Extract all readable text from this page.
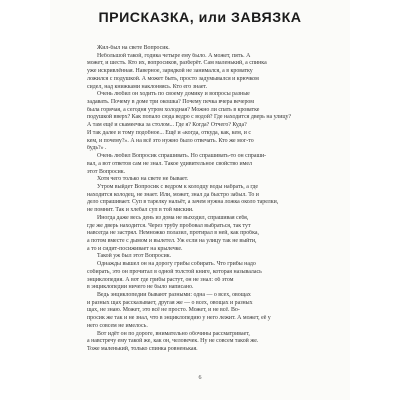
ПРИСКАЗКА, или ЗАВЯЗКА
Жил-был на свете Вопросик.
Небольшой такой, годика четыре ему было. А может, пять. А
может, и шесть. Кто их, вопросиков, разберёт. Сам маленький, а спинка
уже искривлённая. Наверное, зарядкой не занимался, а в кроватку
ложился с подушкой. А может быть, просто задумывался и крючком
сидел, над книжками наклоняясь. Кто его знает.
Очень любил он ходить по своему домику и вопросы разные
задавать. Почему в доме три окошка? Почему печка вчера вечером
была горячая, а сегодня утром холодная? Можно ли спать в кроватке
подушкой вверх? Как попало сюда ведро с водой? Где находится дверь на улицу?
А там ещё и скамеечка за столом... Где я? Когда? Отчего? Куда?
И так далее и тому подобное... Ещё и «когда, откуда, как, кем, и с
кем, и почему?». А на всё это нужно было отвечать. Кто же мог-то
будь?» .
Очень любил Вопросик спрашивать. Но спрашивать-то он спраши-
вал, а вот ответов сам не знал. Такое удивительное свойство имел
этот Вопросик.
Хотя чего только на свете не бывает.
Утром выйдет Вопросик с ведром к колодцу воды набрать, а где
находится колодец, не знает. Или, может, знал да быстро забыл. То и
дело спрашивает. Суп в тарелку нальёт, а зачем нужна ложка около тарелки,
не помнит. Так и хлебал суп в той мискии.
Иногда даже весь день из дома не выходил, спрашивая себя,
где же дверь находится. Через трубу пробовал выбраться, так тут
навсегда не застрял. Немножко полазил, протирал в ней, как пробка,
а потом вместе с дымом и вылетел. Уж если на улицу так не выйти,
а то и сидит-посиживает на крылечке.
Такой уж был этот Вопросик.
Однажды вышел он на дорогу грибы собирать. Что грибы надо
собирать, это он прочитал в одной толстой книге, которая называлась
энциклопедия. А вот где грибы растут, он не знал: об этом
в энциклопедии ничего не было написано.
Ведь энциклопедии бывают разными: одна — о всех, овощах
и разных щах рассказывает, другая же — о всех, овощах и разных
щах, не знаю. Может, это всё не просто. Может, и не всё. Во-
просик же так и не знал, что в энциклопедию у него лежит. А может, её у
него совсем не имелось.
Вот идёт он по дороге, внимательно обочины рассматривает,
а навстречу ему такой же, как он, человечек. Ну не совсем такой же.
Тоже маленький, только спинка ровненькая.
6
